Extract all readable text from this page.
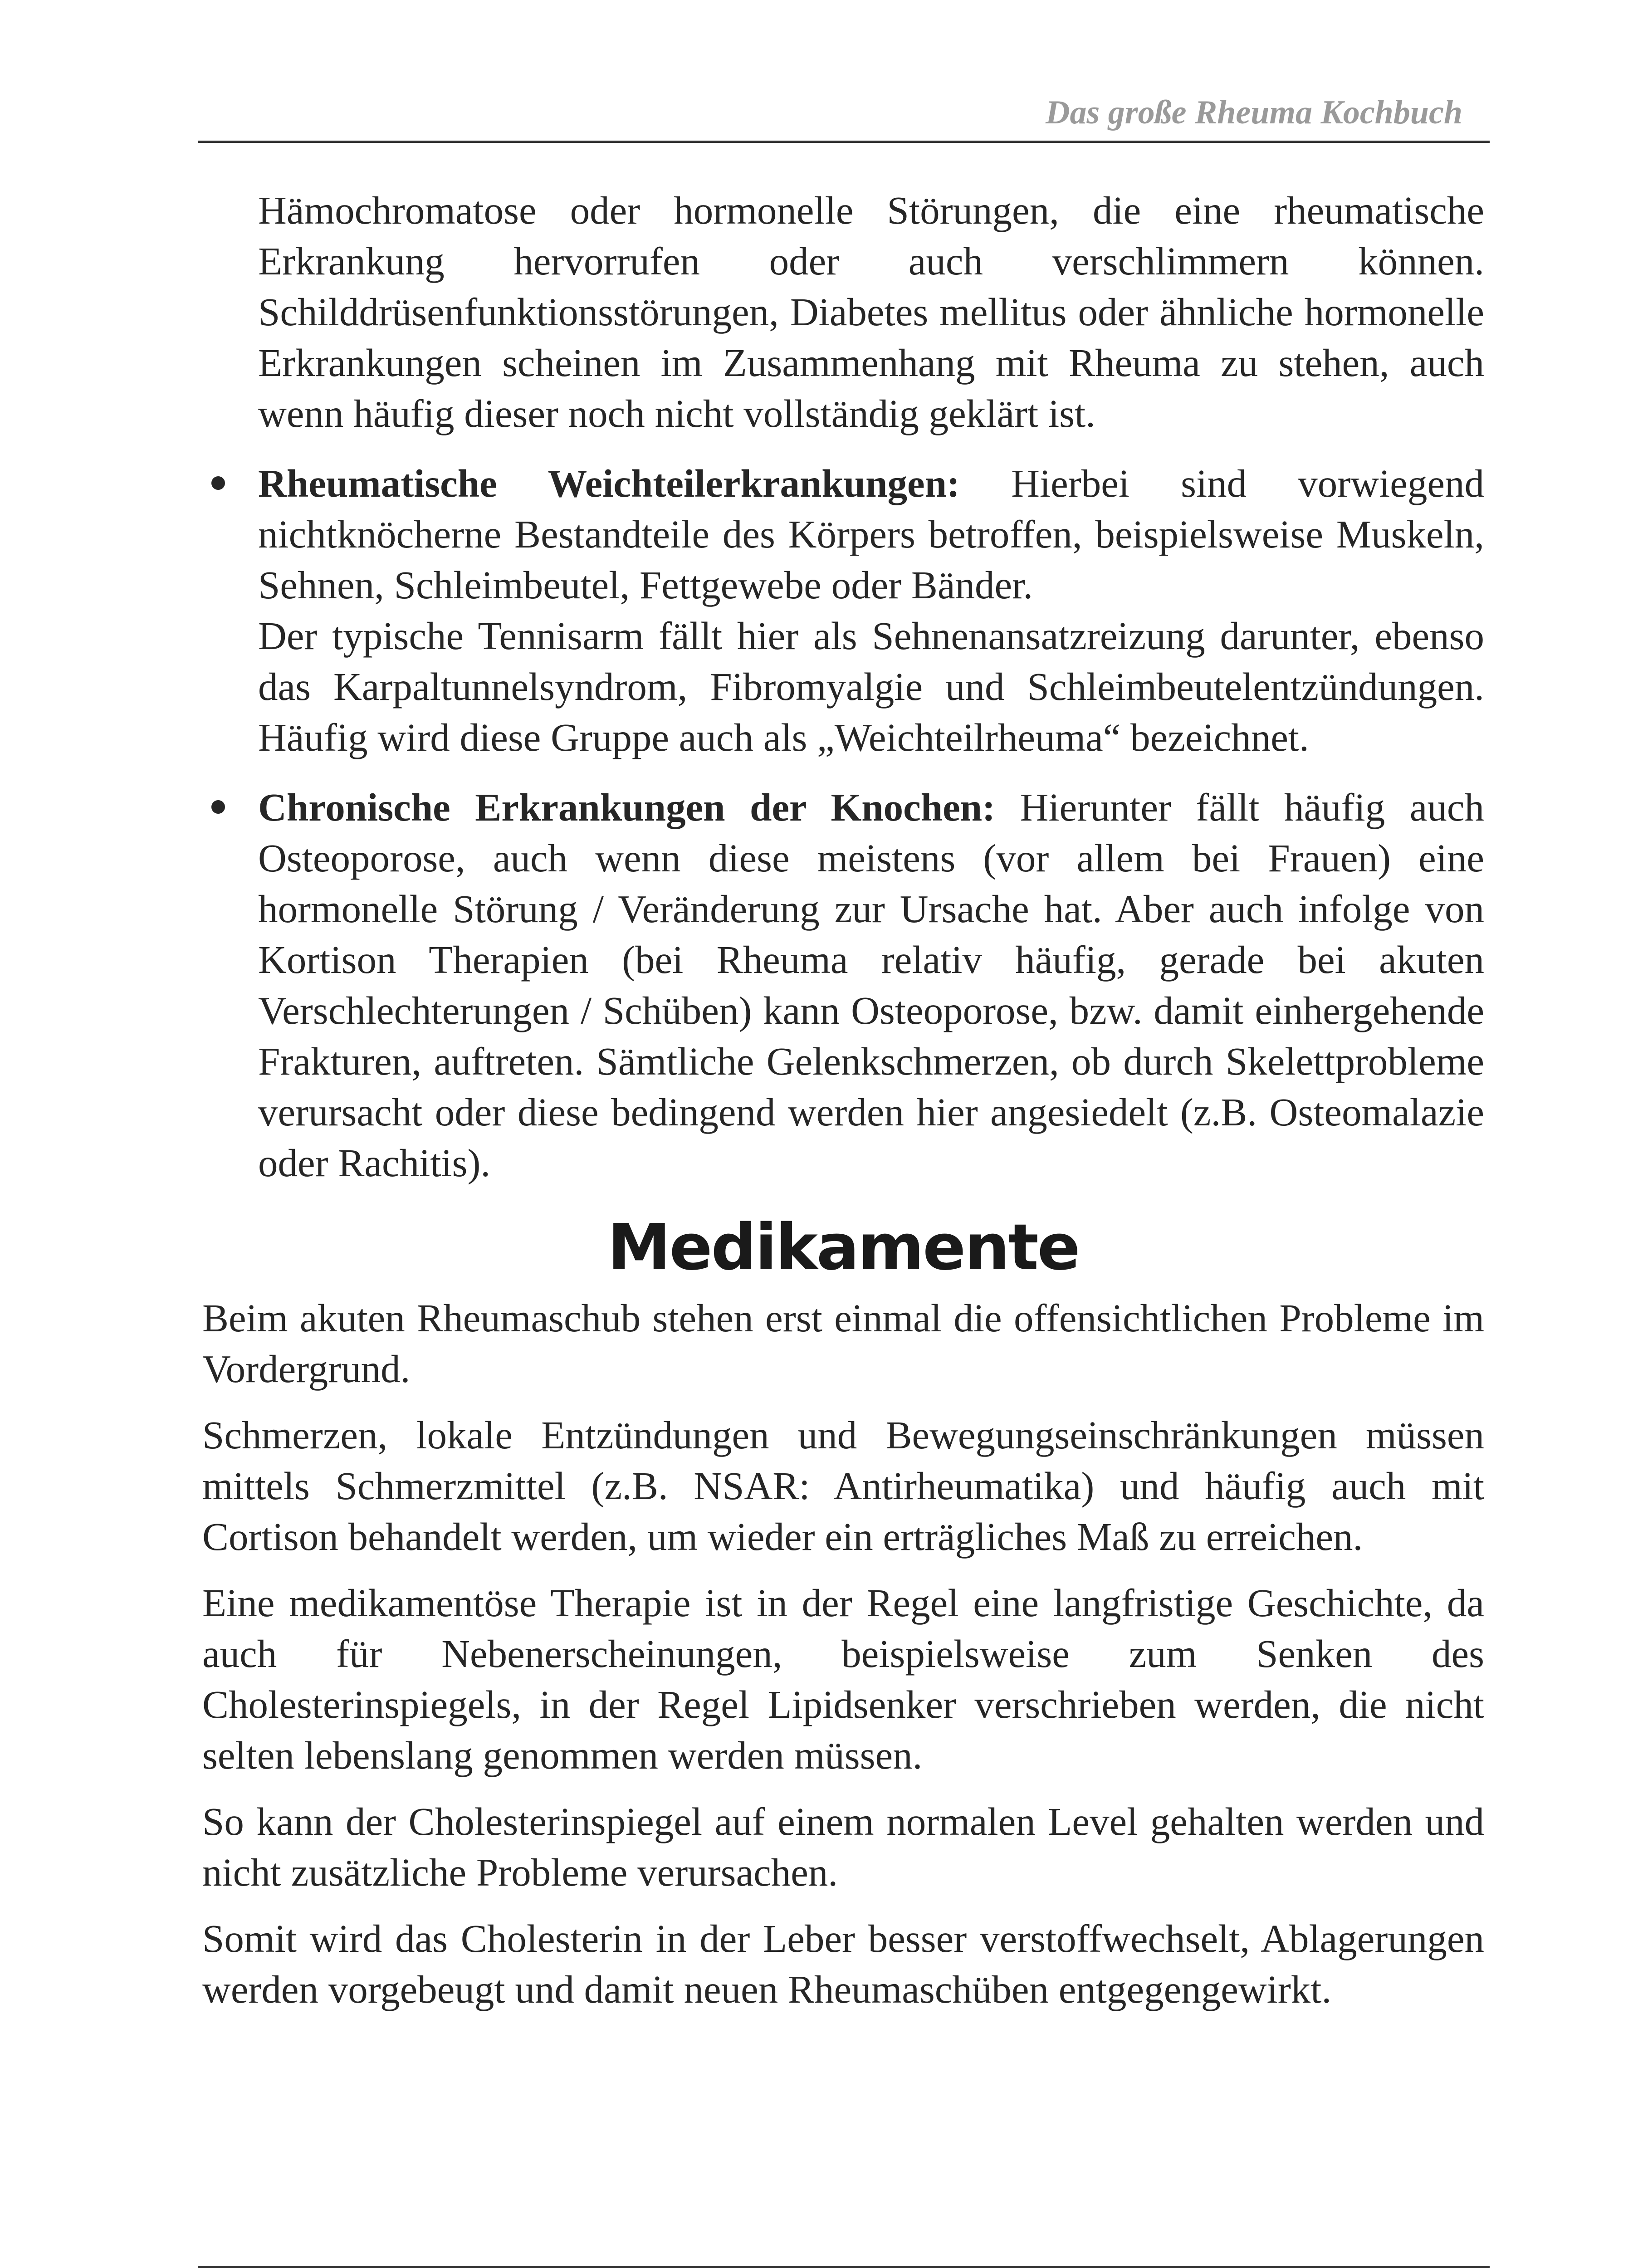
Das große Rheuma Kochbuch

Hämochromatose oder hormonelle Störungen, die eine rheumatische Erkrankung hervorrufen oder auch verschlimmern können. Schilddrüsenfunktionsstörungen, Diabetes mellitus oder ähnliche hormonelle Erkrankungen scheinen im Zusammenhang mit Rheuma zu stehen, auch wenn häufig dieser noch nicht vollständig geklärt ist.

Rheumatische Weichteilerkrankungen: Hierbei sind vorwiegend nichtknöcherne Bestandteile des Körpers betroffen, beispielsweise Muskeln, Sehnen, Schleimbeutel, Fettgewebe oder Bänder.

Der typische Tennisarm fällt hier als Sehnenansatzreizung darunter, ebenso das Karpaltunnelsyndrom, Fibromyalgie und Schleimbeutelentzündungen. Häufig wird diese Gruppe auch als „Weichteilrheuma“ bezeichnet.

Chronische Erkrankungen der Knochen: Hierunter fällt häufig auch Osteoporose, auch wenn diese meistens (vor allem bei Frauen) eine hormonelle Störung / Veränderung zur Ursache hat. Aber auch infolge von Kortison Therapien (bei Rheuma relativ häufig, gerade bei akuten Verschlechterungen / Schüben) kann Osteoporose, bzw. damit einhergehende Frakturen, auftreten. Sämtliche Gelenkschmerzen, ob durch Skelettprobleme verursacht oder diese bedingend werden hier angesiedelt (z.B. Osteomalazie oder Rachitis).

Medikamente

Beim akuten Rheumaschub stehen erst einmal die offensichtlichen Probleme im Vordergrund.

Schmerzen, lokale Entzündungen und Bewegungseinschränkungen müssen mittels Schmerzmittel (z.B. NSAR: Antirheumatika) und häufig auch mit Cortison behandelt werden, um wieder ein erträgliches Maß zu erreichen.

Eine medikamentöse Therapie ist in der Regel eine langfristige Geschichte, da auch für Nebenerscheinungen, beispielsweise zum Senken des Cholesterinspiegels, in der Regel Lipidsenker verschrieben werden, die nicht selten lebenslang genommen werden müssen.

So kann der Cholesterinspiegel auf einem normalen Level gehalten werden und nicht zusätzliche Probleme verursachen.

Somit wird das Cholesterin in der Leber besser verstoffwechselt, Ablagerungen werden vorgebeugt und damit neuen Rheumaschüben entgegengewirkt.
